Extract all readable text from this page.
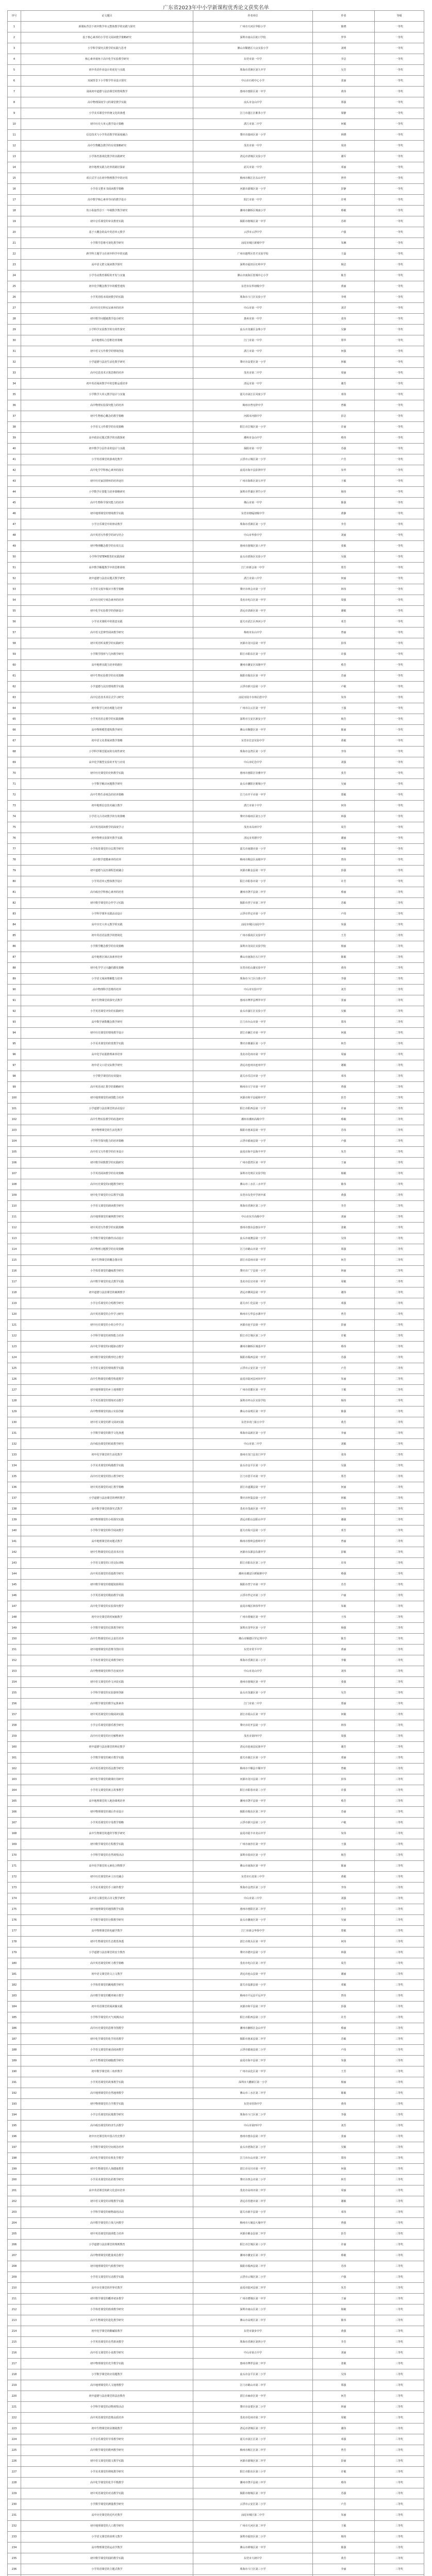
广东省2023年中小学新课程优秀论文获奖名单
序号	论文题目	作者单位	作者	等级
1	新课标背景下初中数学单元整体教学的实践与探究	广州市天河区华阳小学	陈晓	一等奖
2	基于核心素养的小学语文阅读教学策略研究	深圳市南山区蛇口学校	罗华	一等奖
3	小学科学探究式教学的实践与思考	佛山市顺德区大良实验小学	刘明	一等奖
4	核心素养视角下高中化学实验教学研究	东莞市第一中学	李洁	一等奖
5	初中英语作业设计的优化与实践	珠海市香洲区第九中学	吴芳	一等奖
6	双减背景下小学数学作业设计探究	中山市石岐中心小学	张丽	一等奖
7	浅谈初中道德与法治课堂的情境教学	惠州市惠阳区第一中学	黄伟	一等奖
8	高中物理深度学习的课堂教学实践	汕头市金山中学	郑强	一等奖
9	小学美术课堂中传统文化的渗透	江门市蓬江区紫茶小学	梁静	一等奖
10	初中历史大单元教学设计策略	湛江市第二中学	何敏	一等奖
11	信息技术与小学英语教学的深度融合	肇庆市端州区第一小学	林晓	一等奖
12	高中生物概念教学的有效策略研究	茂名市第一中学	周涛	一等奖
13	小学体育游戏化教学的实践研究	清远市清城区实验小学	谢军	一等奖
14	初中地理实践力培养的路径探索	韶关市第一中学	邓丽	一等奖
15	项目式学习在初中物理教学中的应用	梅州市梅江区东山中学	曾华	一等奖
16	小学语文整本书阅读教学策略	河源市源城区第一小学	彭静	一等奖
17	高中数学核心素养导向的教学设计	阳江市第一中学	许明	一等奖
18	幼小衔接背景下一年级数学教学研究	潮州市湘桥区城南小学	蔡敏	一等奖
19	初中音乐课堂的审美教育实践	揭阳市榕城区第一中学	苏婷	一等奖
20	基于大概念的高中英语单元教学	云浮市云浮中学	卢强	一等奖
21	小学数学思维可视化教学研究	汕尾市城区新城中学	朱琳	一等奖
22	跨学科主题学习在初中科学中的实践	广州市越秀区育才实验学校	王磊	一等奖
23	高中语文群文阅读教学探究	深圳市福田区红岭中学	杨洁	一等奖
24	小学劳动教育课程的开发与实施	佛山市南海区桂城中心小学	陈芳	一等奖
25	初中化学概念教学中的模型建构	东莞市东华初级中学	黄丽	一等奖
26	小学英语绘本阅读教学的实践	珠海市斗门区实验小学	李明	一等奖
27	高中历史史料实证素养的培养	中山市第一中学	刘洋	一等奖
28	初中数学问题链教学设计研究	惠州市第一中学	张伟	一等奖
29	小学科学实验教学的有效性探究	汕头市龙湖区金珠小学	吴静	一等奖
30	高中地理综合思维培养策略	江门市第一中学	郑华	一等奖
31	初中语文写作教学的情境创设	湛江市第一中学	何强	一等奖
32	小学道德与法治生活化教学研究	肇庆市高要区第一小学	林敏	一等奖
33	高中信息技术计算思维的培养	茂名市第二中学	周丽	一等奖
34	初中英语阅读教学中的思维品质培养	清远市第一中学	谢芳	一等奖
35	小学数学大单元教学设计与实施	韶关市浈江区风度小学	邓伟	一等奖
36	高中物理实验探究能力的培养	梅州市曾宪梓中学	曾敏	一等奖
37	初中生物核心概念的教学策略	河源市河源中学	彭洁	一等奖
38	小学语文习作教学的有效策略	阳江市江城区第一小学	许丽	一等奖
39	高中政治议题式教学的实践探索	潮州市金山中学	蔡伟	一等奖
40	初中数学分层作业的设计与实践	揭阳市第一中学	苏强	一等奖
41	小学英语课堂的游戏化教学	云浮市云城区第一小学	卢芳	一等奖
42	高中化学学科核心素养的落实	汕尾市海丰县彭湃中学	朱华	一等奖
43	初中历史家国情怀的培养途径	广州市海珠区第五中学	王敏	一等奖
44	小学数学计算能力培养策略研究	深圳市罗湖区翠竹小学	杨伟	一等奖
45	高中生物科学探究能力的培养	佛山市第一中学	陈强	一等奖
46	初中地理课堂的情境教学实践	东莞市塘厦初级中学	黄静	一等奖
47	小学音乐课堂中的律动教学	珠海市香洲区第一小学	李芳	一等奖
48	高中英语写作教学的读写结合	中山市华侨中学	刘丽	一等奖
49	初中物理概念教学的有效方法	惠州市惠城区第八中学	张敏	一等奖
50	小学科学STEM教育的实践探索	汕头市澄海区实验小学	吴强	一等奖
51	高中数学解题教学中的思维训练	江门市新会第一中学	郑芳	一等奖
52	初中道德与法治议题式教学研究	湛江市第八中学	何丽	一等奖
53	小学语文低年级识字教学策略	肇庆市四会市第一小学	林伟	一等奖
54	高中历史时空观念素养的培养	茂名市电白区第一中学	周强	一等奖
55	初中化学实验教学的创新设计	清远市清新区第一中学	谢敏	一等奖
56	小学美术课程中的创意实践	韶关市武江区西河小学	邓芳	一等奖
57	高中语文思辨性阅读教学研究	梅州市东山中学	曾丽	一等奖
58	初中英语听说教学的实践研究	河源市龙川县第一中学	彭伟	一等奖
59	小学数学图形与几何教学研究	阳江市阳东区第一小学	许强	一等奖
60	高中地理实践力培养的路径	潮州市潮安区凤塘中学	蔡芳	一等奖
61	初中生物实验教学的有效策略	揭阳市揭东区第一中学	苏丽	一等奖
62	小学道德与法治情境教学实践	云浮市新兴县第一小学	卢敏	一等奖
63	高中信息技术项目式学习研究	汕尾市陆丰市林启恩中学	朱伟	一等奖
64	初中数学几何直观能力培养	广州市白云区第一中学	王强	一等奖
65	小学英语语音教学的实践策略	深圳市宝安区新安小学	杨芳	一等奖
66	高中物理模型建构教学研究	佛山市顺德区第一中学	陈丽	一等奖
67	初中语文名著阅读教学策略	东莞市长安实验中学	黄敏	一等奖
68	小学科学课堂提问的有效性研究	珠海市金湾区第一小学	李伟	一等奖
69	高中化学微型实验的开发与应用	中山市纪念中学	刘强	一等奖
70	初中历史课堂的史料教学实践	惠州市惠阳区崇雅中学	张芳	一等奖
71	小学数学解决问题教学研究	汕头市潮阳区棉城小学	吴丽	一等奖
72	高中生物生命观念的培养策略	江门市开平市第一中学	郑敏	一等奖
73	初中地理信息技术融合教学	湛江市第十中学	何伟	一等奖
74	小学语文古诗词教学的有效策略	肇庆市端州区第五小学	林强	一等奖
75	高中英语阅读教学的深度学习	茂名市高州中学	周芳	一等奖
76	初中物理实验探究教学实践	清远市英德中学	谢丽	一等奖
77	小学体育课堂的分层教学研究	韶关市南雄市第一小学	邓敏	一等奖
78	高中数学建模素养的培养	梅州市梅县区高级中学	曾伟	一等奖
79	初中道德与法治课程思政融合	河源市紫金县第一中学	彭强	一等奖
80	小学英语单元整体教学设计	阳江市阳春市第一小学	许芳	一等奖
81	高中政治学科核心素养的培育	潮州市饶平县第二中学	蔡丽	二等奖
82	初中数学课堂的合作学习实践	揭阳市普宁市第二中学	苏敏	二等奖
83	小学科学课外实践活动设计	云浮市罗定市第一小学	卢伟	二等奖
84	高中历史大单元教学的实践	汕尾市城区汕尾中学	朱强	二等奖
85	初中英语语法教学的情境化	广州市番禺区实验中学	王芳	二等奖
86	小学数学概念教学的有效策略	深圳市龙岗区实验学校	杨丽	二等奖
87	高中地理区域认知素养培养	佛山市南海区石门中学	陈敏	二等奖
88	初中化学学习兴趣的激发策略	东莞市松山湖实验中学	黄伟	二等奖
89	小学语文阅读理解能力培养	珠海市斗门区白蕉小学	李强	二等奖
90	高中物理科学思维的培养	中山市实验中学	刘芳	二等奖
91	初中生物课堂的探究式教学	惠州市博罗县博罗中学	张丽	二等奖
92	小学英语课堂评价的实践研究	汕头市濠江区实验小学	吴敏	二等奖
93	高中数学函数概念教学研究	江门市台山市第一中学	郑伟	二等奖
94	初中历史课堂的情境教学设计	湛江市廉江市第一中学	何强	二等奖
95	小学美术课堂的欣赏教学实践	肇庆市鼎湖区第一小学	林芳	二等奖
96	高中化学证据推理素养培养	茂名市化州市第一中学	周丽	二等奖
97	初中语文口语交际教学研究	清远市连州市连州中学	谢敏	二等奖
98	小学数学课堂的有效提问	韶关市乐昌市第一小学	邓伟	二等奖
99	高中英语词汇教学的策略研究	梅州市兴宁市第一中学	曾强	二等奖
100	初中地理课堂的读图能力培养	河源市和平县福和中学	彭芳	二等奖
101	小学道德与法治课堂的活动设计	阳江市阳西县第一小学	许丽	二等奖
102	高中生物实验教学的改进研究	潮州市潮州高级中学	蔡敏	二等奖
103	初中物理课堂的生活化教学	揭阳市惠来县第一中学	苏伟	二等奖
104	小学科学探究能力的培养策略	云浮市郁南县第一小学	卢强	二等奖
105	高中语文写作教学的任务设计	汕尾市海丰县海丰中学	朱芳	二等奖
106	初中数学函数教学的实践研究	广州市荔湾区第一中学	王丽	二等奖
107	小学英语阅读教学的有效策略	深圳市光明区实验学校	杨敏	二等奖
108	高中历史课堂的问题教学研究	佛山市三水区三水中学	陈伟	二等奖
109	初中化学课堂的分层教学实践	东莞市东莞中学初中部	黄强	二等奖
110	小学语文课堂的朗读教学研究	珠海市香洲区第二小学	李芳	二等奖
111	高中地理课堂的案例教学研究	中山市东升高级中学	刘丽	二等奖
112	初中英语写作教学的实践策略	惠州市惠东县惠东中学	张敏	二等奖
113	小学数学课堂的操作活动设计	汕头市南澳县第一小学	吴伟	二等奖
114	高中物理习题教学的有效策略	江门市鹤山市第一中学	郑强	二等奖
115	初中生物课堂的概念图应用	湛江市雷州市第一中学	何芳	二等奖
116	小学体育课堂的趣味教学研究	肇庆市广宁县第一小学	林丽	二等奖
117	高中数学课堂的变式教学实践	茂名市信宜市第一中学	周敏	二等奖
118	初中道德与法治课堂的案例教学	清远市佛冈县第一中学	谢伟	二等奖
119	小学音乐课堂的合唱教学研究	韶关市仁化县第一小学	邓强	二等奖
120	高中英语课堂的合作学习研究	梅州市五华县水寨中学	曾芳	二等奖
121	初中历史课堂的小组合作学习	河源市连平县第一中学	彭丽	二等奖
122	小学科学课堂的观察能力培养	阳江市江城区第二小学	许敏	二等奖
123	高中化学课堂的问题驱动教学	潮州市湘桥区城基中学	蔡伟	二等奖
124	初中数学课堂的数形结合教学	揭阳市揭西县第一中学	苏强	二等奖
125	小学语文课堂的情境教学实践	云浮市云安区第一小学	卢芳	二等奖
126	高中生物课堂的模型构建教学	汕尾市陆河县河田中学	朱丽	二等奖
127	初中地理课堂的乡土地理教学	广州市花都区第一中学	王敏	二等奖
128	小学英语课堂的情境对话教学	深圳市坪山区实验学校	杨伟	二等奖
129	高中物理课堂的演示实验创新	佛山市高明区第一中学	陈强	二等奖
130	初中语文课堂的群文阅读实践	东莞市虎门第五中学	黄芳	二等奖
131	小学数学课堂的数学文化渗透	珠海市高新区第一小学	李丽	二等奖
132	高中政治课堂的时政教学研究	中山市第二中学	刘敏	二等奖
133	初中化学课堂的生活化教学	惠州市龙门县龙门中学	张伟	二等奖
134	小学美术课堂的线描教学实践	汕头市金平区第一小学	吴强	二等奖
135	高中历史课堂的图示教学研究	江门市恩平市第一中学	郑芳	二等奖
136	初中英语课堂的词汇教学策略	湛江市遂溪县第一中学	何丽	二等奖
137	小学道德与法治课堂的辨析教学	肇庆市怀集县第一小学	林敏	二等奖
138	高中数学课堂的探究式教学	茂名市茂南区第一中学	周伟	二等奖
139	初中物理课堂的小组探究实践	清远市阳山县阳山中学	谢强	二等奖
140	小学科学课堂的科学阅读教学	韶关市始兴县第一小学	邓芳	二等奖
141	高中地理课堂的问题式教学	梅州市蕉岭县蕉岭中学	曾丽	二等奖
142	初中生物课堂的信息技术应用	河源市东源县东源中学	彭敏	二等奖
143	小学语文课堂的口语交际训练	阳江市阳东区第二小学	许伟	二等奖
144	高中英语课堂的语篇教学研究	潮州市潮安区颜锡祺中学	蔡强	二等奖
145	初中数学课堂的错题资源利用	揭阳市普宁市第一中学	苏芳	二等奖
146	小学英语课堂的歌曲教学实践	云浮市罗定市第二小学	卢丽	二等奖
147	高中化学课堂的实验探究教学	汕尾市城区林伟华中学	朱敏	二等奖
148	初中历史课堂的时间轴教学	广州市黄埔区第一中学	王伟	二等奖
149	小学数学课堂的估算教学研究	深圳市龙华区第一小学	杨强	二等奖
150	高中生物课堂的社会责任培养	佛山市顺德区罗定邦中学	陈芳	二等奖
151	初中地理课堂的思维导图应用	东莞市常平中学	黄丽	二等奖
152	小学体育课堂的足球教学研究	珠海市香洲区第三小学	李敏	二等奖
153	高中物理课堂的科学态度培养	中山市龙山中学	刘伟	二等奖
154	初中语文课堂的作文评改实践	惠州市惠城区第一中学	张强	二等奖
155	小学科学课堂的实验器材创新	汕头市龙湖区第一小学	吴芳	二等奖
156	高中数学课堂的数学运算素养	江门市第二中学	郑丽	二等奖
157	初中英语课堂的分级阅读实践	湛江市霞山区第一中学	何敏	二等奖
158	小学音乐课堂的器乐教学研究	肇庆市封开县第一小学	林伟	二等奖
159	高中历史课堂的历史解释素养	茂名市第四中学	周强	二等奖
160	初中道德与法治课堂的辩论教学	清远市连南县民族中学	谢芳	二等奖
161	小学数学课堂的统计教学实践	韶关市曲江区第一小学	邓丽	三等奖
162	高中英语课堂的语法教学研究	梅州市丰顺县丰顺中学	曾敏	三等奖
163	初中化学课堂的微课应用研究	河源市龙川县第二中学	彭伟	三等奖
164	小学语文课堂的寓言故事教学	阳江市阳春市第二小学	许强	三等奖
165	高中地理课堂的人地协调观培养	潮州市饶平县第一中学	蔡芳	三等奖
166	初中物理课堂的课后作业设计	揭阳市揭东区第二中学	苏丽	三等奖
167	小学英语课堂的字母教学策略	云浮市新兴县第二小学	卢敏	三等奖
168	高中生物课堂的遗传学教学研究	汕尾市陆丰市龙山中学	朱伟	三等奖
169	初中数学课堂的方程教学实践	广州市南沙区第一中学	王强	三等奖
170	小学科学课堂的自然观察活动	深圳市盐田区第一小学	杨芳	三等奖
171	高中化学课堂的元素化合物教学	佛山市南海区第一中学	陈丽	三等奖
172	初中历史课堂的乡土历史融合	东莞市石龙第三中学	黄敏	三等奖
173	小学美术课堂的手工制作教学	珠海市金湾区第二小学	李伟	三等奖
174	高中语文课堂的古诗文教学研究	中山市第三中学	刘强	三等奖
175	初中地理课堂的地图教学实践	惠州市惠阳区第二中学	张芳	三等奖
176	小学数学课堂的分数教学研究	汕头市潮南区第一小学	吴丽	三等奖
177	高中物理课堂的电磁学教学	江门市新会华侨中学	郑敏	三等奖
178	初中生物课堂的生态教育渗透	湛江市坡头区第一中学	何伟	三等奖
179	小学道德与法治课堂的安全教育	肇庆市德庆县第一小学	林强	三等奖
180	高中英语课堂的听力教学策略	茂名市电白区第二中学	周芳	三等奖
181	初中语文课堂的文言文教学	清远市连山县第一中学	谢丽	三等奖
182	小学体育课堂的跳绳教学研究	韶关市翁源县第一小学	邓敏	三等奖
183	高中数学课堂的概率统计教学	梅州市平远县平远中学	曾伟	三等奖
184	初中英语课堂的阅读圈实践	河源市和平县第二中学	彭强	三等奖
185	小学科学课堂的天气观测活动	阳江市阳西县第二小学	许芳	三等奖
186	高中历史课堂的思维导图教学	潮州市湘桥区金山中学	蔡丽	三等奖
187	初中化学课堂的化学用语教学	揭阳市惠来县第二中学	苏敏	三等奖
188	小学语文课堂的童话阅读教学	云浮市郁南县第二小学	卢伟	三等奖
189	高中生物课堂的细胞教学研究	汕尾市海丰县第二中学	朱强	三等奖
190	初中数学课堂的三角形教学	广州市从化区第一中学	王芳	三等奖
191	小学英语课堂的故事教学实践	深圳市大鹏新区第一小学	杨丽	三等奖
192	高中地理课堂的自然地理教学	佛山市三水区第二中学	陈敏	三等奖
193	初中物理课堂的力学教学实践	东莞市厚街中学	黄伟	三等奖
194	小学音乐课堂的民歌教学研究	珠海市斗门区第二小学	李强	三等奖
195	高中政治课堂的经济生活教学	中山市第四中学	刘芳	三等奖
196	初中历史课堂的中国古代史教学	惠州市惠东县第二中学	张丽	三等奖
197	小学数学课堂的空间观念培养	汕头市澄海区第二小学	吴敏	三等奖
198	高中化学课堂的有机化学教学	江门市台山市第二中学	郑伟	三等奖
199	初中生物课堂的人体健康教育	湛江市吴川市第一中学	何强	三等奖
200	小学美术课堂的色彩教学研究	肇庆市四会市第二小学	林芳	三等奖
201	高中英语课堂的跨文化意识培养	茂名市高州市第二中学	周丽	三等奖
202	初中语文课堂的诗歌教学实践	清远市英德市第二中学	谢敏	三等奖
203	小学科学课堂的植物栽培活动	韶关市新丰县第一小学	邓伟	三等奖
204	高中数学课堂的立体几何教学	梅州市大埔县大埔中学	曾强	三等奖
205	初中英语课堂的演讲能力培养	河源市紫金县第二中学	彭芳	三等奖
206	小学道德与法治课堂的规则教育	阳江市江城区第三小学	许丽	三等奖
207	高中物理课堂的能量观念教学	潮州市潮安区第二中学	蔡敏	三等奖
208	初中地理课堂的气候教学研究	揭阳市揭西县第二中学	苏伟	三等奖
209	小学语文课堂的写话教学实践	云浮市云城区第二小学	卢强	三等奖
210	高中历史课堂的世界史教学	汕尾市陆河县第二中学	朱芳	三等奖
211	初中数学课堂的概率初步教学	广州市增城区第一中学	王丽	三等奖
212	小学体育课堂的篮球教学研究	深圳市南山区第二小学	杨敏	三等奖
213	高中生物课堂的进化教学研究	佛山市高明区第二中学	陈伟	三等奖
214	初中化学课堂的酸碱盐教学	东莞市寮步中学	黄强	三等奖
215	小学英语课堂的自然拼读教学	珠海市香洲区第四小学	李芳	三等奖
216	高中语文课堂的小说教学研究	中山市第五中学	刘丽	三等奖
217	初中物理课堂的光学教学实践	惠州市博罗县第二中学	张敏	三等奖
218	小学数学课堂的应用题教学	汕头市金平区第二小学	吴伟	三等奖
219	高中地理课堂的人文地理教学	江门市鹤山市第二中学	郑强	三等奖
220	初中道德与法治课堂的法治教育	湛江市麻章区第一中学	何芳	三等奖
221	小学科学课堂的动物观察活动	肇庆市高要区第二小学	林丽	三等奖
222	高中英语课堂的思维品质培养	茂名市化州市第二中学	周敏	三等奖
223	初中生物课堂的显微镜教学	清远市清城区第二中学	谢伟	三等奖
224	小学音乐课堂的节奏教学研究	韶关市浈江区第二小学	邓强	三等奖
225	高中数学课堂的数列教学研究	梅州市梅江区第二中学	曾芳	三等奖
226	初中语文课堂的散文教学实践	河源市源城区第二中学	彭丽	三等奖
227	小学美术课堂的剪纸教学研究	阳江市阳东区第三小学	许敏	三等奖
228	高中化学课堂的化学平衡教学	潮州市饶平县第三中学	蔡伟	三等奖
229	初中英语课堂的对话教学实践	揭阳市榕城区第二中学	苏强	三等奖
230	小学数学课堂的测量教学研究	云浮市云安区第二小学	卢芳	三等奖
231	高中历史课堂的近代史教学	汕尾市城区第二中学	朱丽	三等奖
232	初中地理课堂的人口教学研究	广州市天河区第二中学	王敏	三等奖
233	小学语文课堂的说明文教学	深圳市福田区第二小学	杨伟	三等奖
234	高中物理课堂的运动学教学	佛山市禅城区第一中学	陈强	三等奖
235	初中数学课堂的圆的教学实践	东莞市大朗中学	黄芳	三等奖
236	小学英语课堂的主题式教学	珠海市斗门区第三小学	李丽	三等奖
